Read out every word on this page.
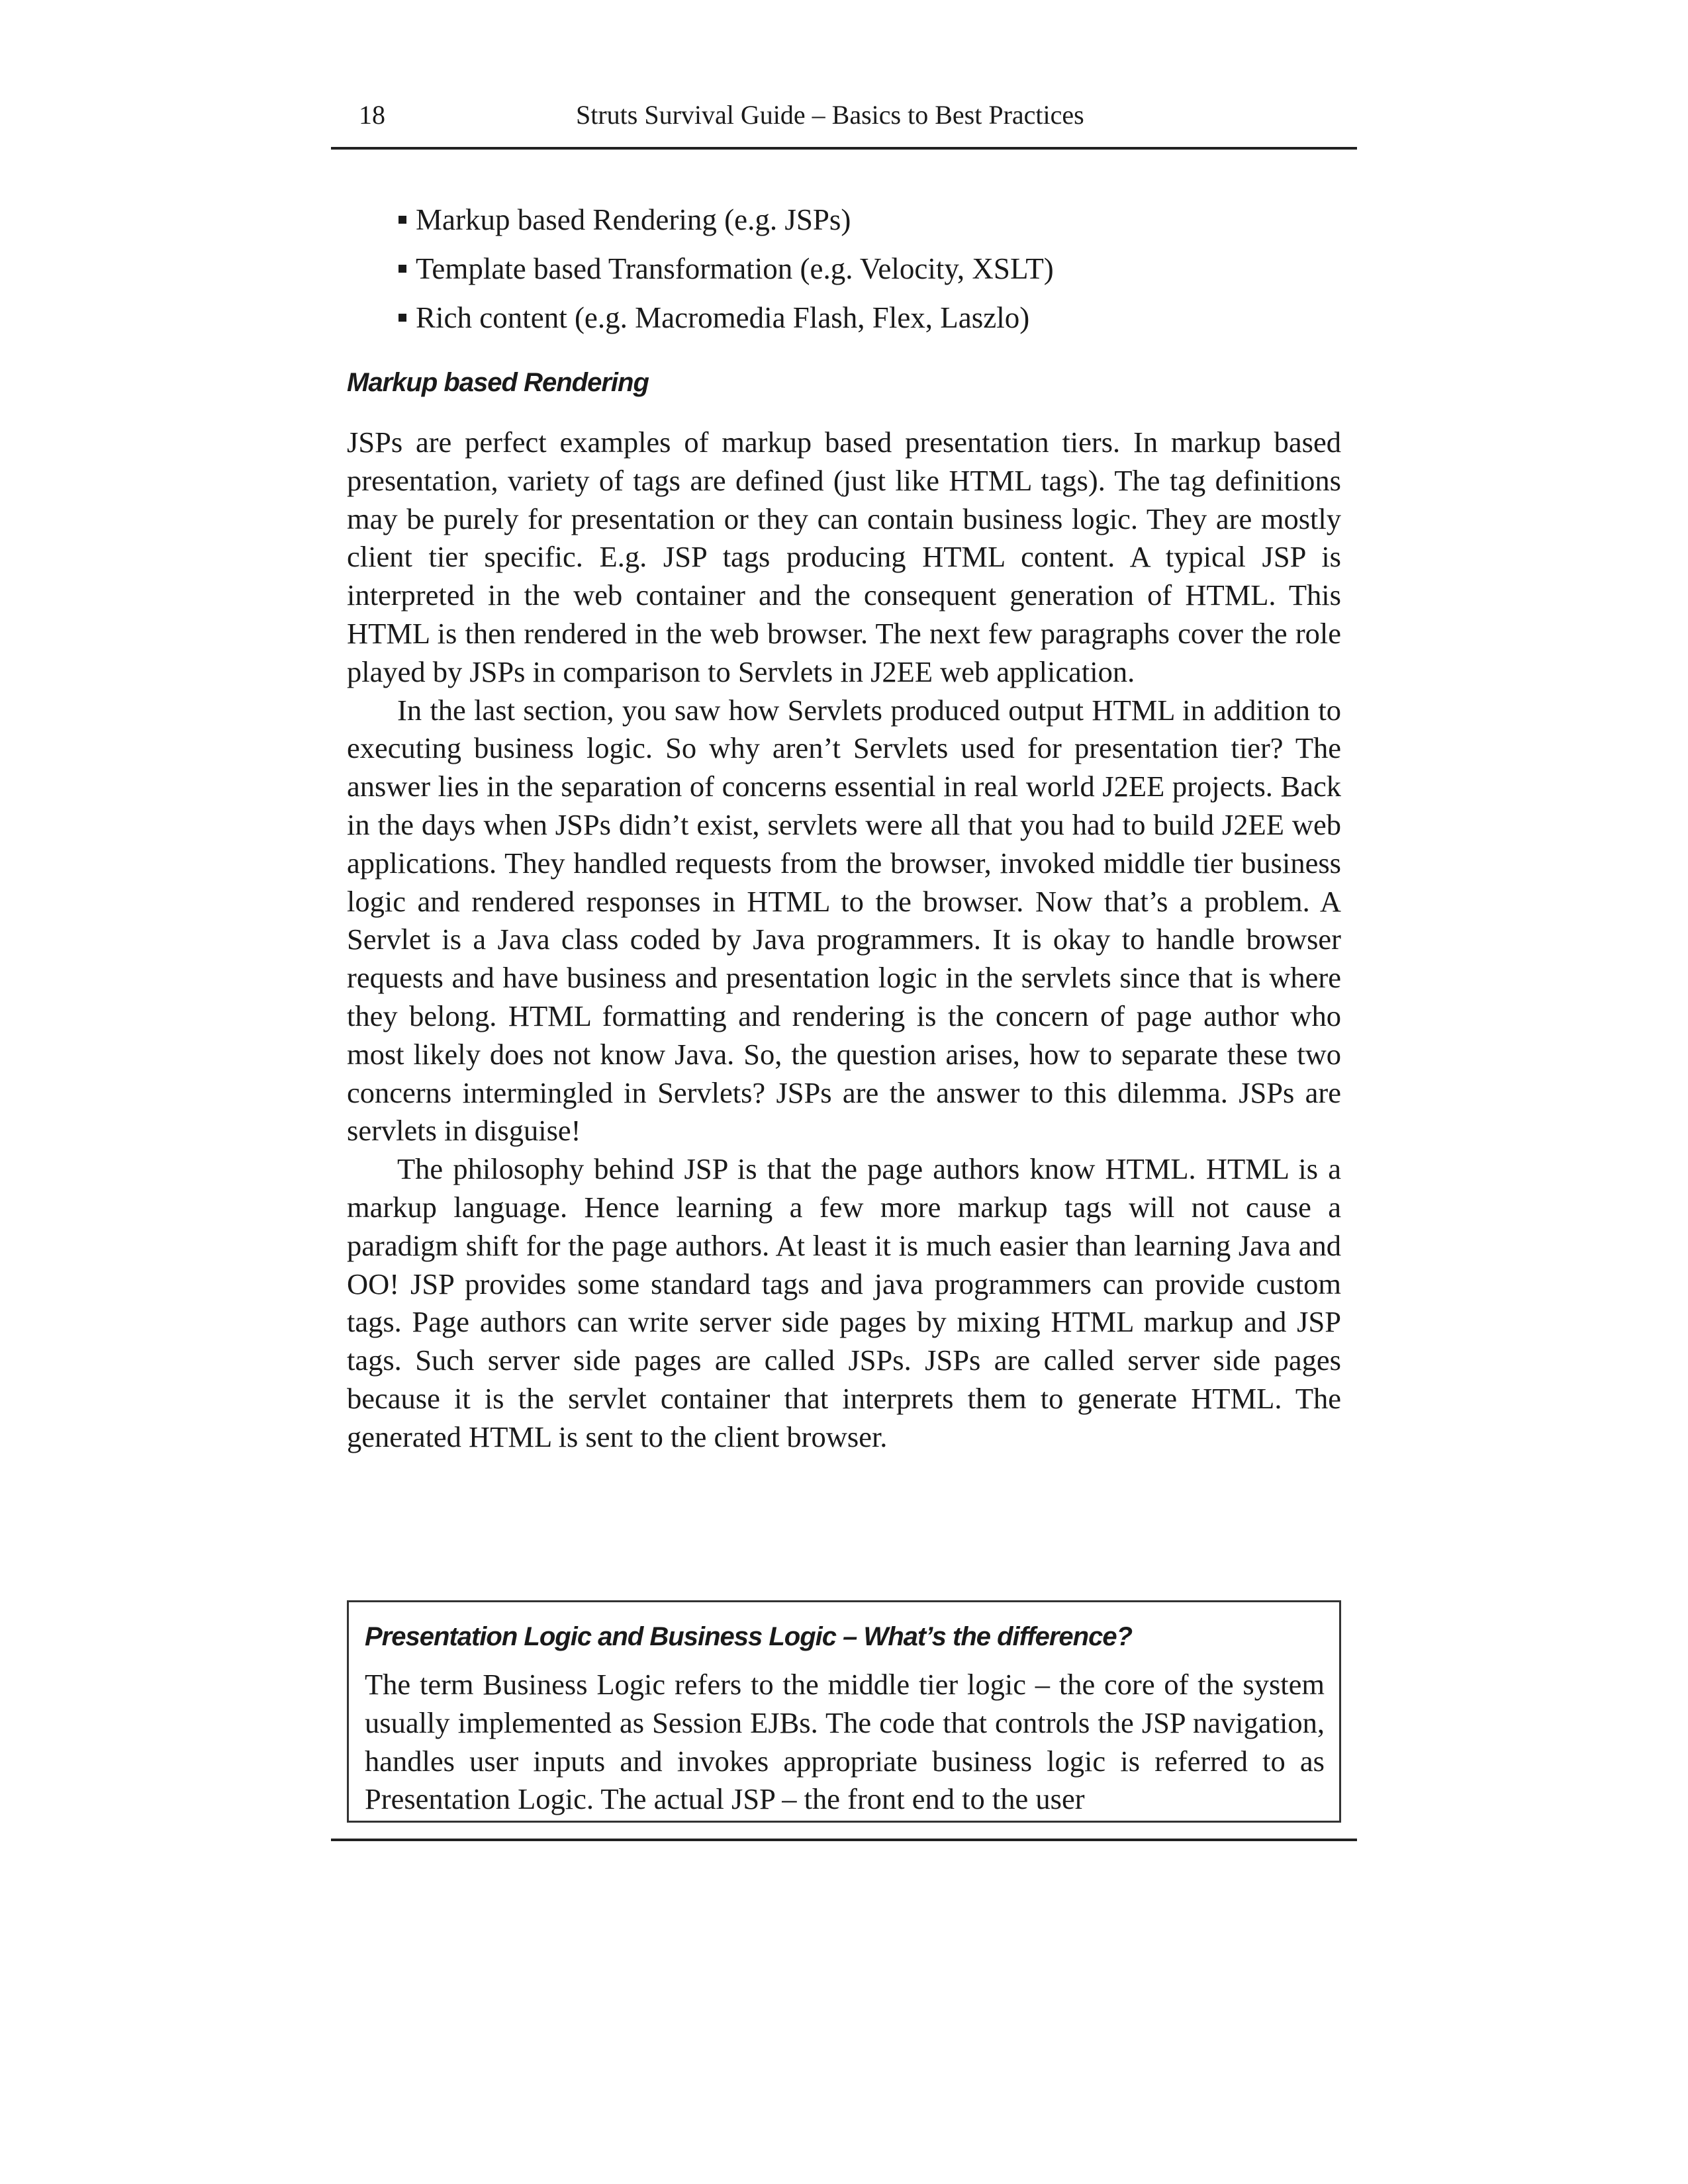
18	Struts Survival Guide – Basics to Best Practices
Markup based Rendering (e.g. JSPs)
Template based Transformation (e.g. Velocity, XSLT)
Rich content (e.g. Macromedia Flash, Flex, Laszlo)
Markup based Rendering

JSPs are perfect examples of markup based presentation tiers. In markup based presentation, variety of tags are defined (just like HTML tags). The tag definitions may be purely for presentation or they can contain business logic. They are mostly client tier specific. E.g. JSP tags producing HTML content. A typical JSP is interpreted in the web container and the consequent generation of HTML. This HTML is then rendered in the web browser. The next few paragraphs cover the role played by JSPs in comparison to Servlets in J2EE web application.

In the last section, you saw how Servlets produced output HTML in addition to executing business logic. So why aren’t Servlets used for presentation tier? The answer lies in the separation of concerns essential in real world J2EE projects. Back in the days when JSPs didn’t exist, servlets were all that you had to build J2EE web applications. They handled requests from the browser, invoked middle tier business logic and rendered responses in HTML to the browser. Now that’s a problem. A Servlet is a Java class coded by Java programmers. It is okay to handle browser requests and have business and presentation logic in the servlets since that is where they belong. HTML formatting and rendering is the concern of page author who most likely does not know Java. So, the question arises, how to separate these two concerns intermingled in Servlets? JSPs are the answer to this dilemma. JSPs are servlets in disguise!

The philosophy behind JSP is that the page authors know HTML. HTML is a markup language. Hence learning a few more markup tags will not cause a paradigm shift for the page authors. At least it is much easier than learning Java and OO! JSP provides some standard tags and java programmers can provide custom tags. Page authors can write server side pages by mixing HTML markup and JSP tags. Such server side pages are called JSPs. JSPs are called server side pages because it is the servlet container that interprets them to generate HTML. The generated HTML is sent to the client browser.

Presentation Logic and Business Logic – What’s the difference?

The term Business Logic refers to the middle tier logic – the core of the system usually implemented as Session EJBs. The code that controls the JSP navigation, handles user inputs and invokes appropriate business logic is referred to as Presentation Logic. The actual JSP – the front end to the user
